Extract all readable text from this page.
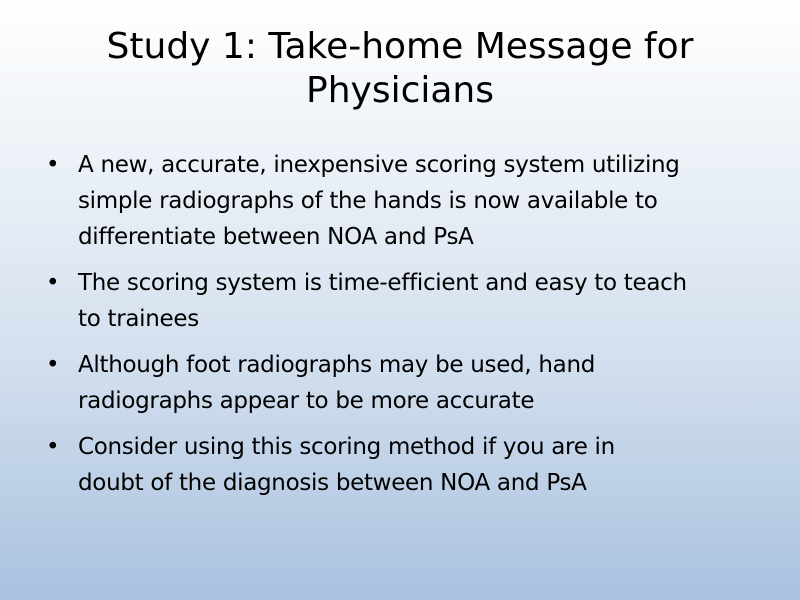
Study 1: Take-home Message for
Physicians
• A new, accurate, inexpensive scoring system utilizing
simple radiographs of the hands is now available to
differentiate between NOA and PsA
• The scoring system is time-efficient and easy to teach
to trainees
• Although foot radiographs may be used, hand
radiographs appear to be more accurate
• Consider using this scoring method if you are in
doubt of the diagnosis between NOA and PsA
